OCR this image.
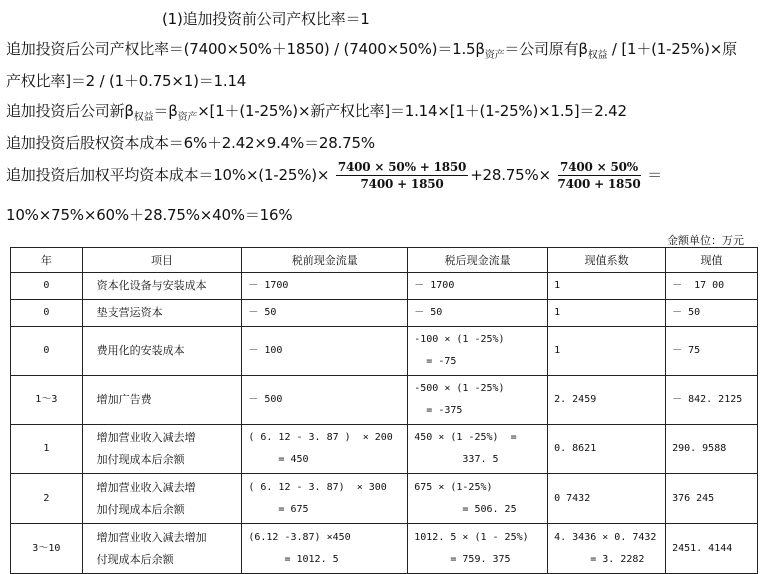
(1)追加投资前公司产权比率＝1
追加投资后公司产权比率$=(7400\times 50\%+1850) / (7400\times 50\%)=1.5\beta_{资产}=$公司原有$\beta_{权益} / [1+(1-25\%)\times$原
产权比率]＝2 / (1＋0.75×1)＝1.14
追加投资后公司新$\beta_{权益}=\beta_{资产}\times[1+(1-25\%)\times$新产权比率]＝1.14×[1＋(1-25%)×1.5]＝2.42
追加投资后股权资本成本＝6%＋2.42×9.4%＝28.75%
追加投资后加权平均资本成本$=10\%\times(1-25\%)\times \frac{7400 \times 50\% + 1850}{7400 + 1850} +28.75\%\times \frac{7400 \times 50\%}{7400 + 1850}$ ＝
10%×75%×60%＋28.75%×40%＝16%
金额单位：万元
年	项目	税前现金流量	税后现金流量	现值系数	现值

0	资本化设备与安装成本	－ 1700	－ 1700	1	－  17 00

0	垫支营运资本	－ 50	－ 50	1	－ 50

0	费用化的安装成本	－ 100	-100 × (1 -25%)
= -75	1	－ 75

1～3	增加广告费	－ 500	-500 × (1 -25%)
= -375	2. 2459	－ 842. 2125

1	增加营业收入减去增
加付现成本后余额	( 6. 12 - 3. 87 )  × 200
= 450	450 × (1 -25%)  =
337. 5	0. 8621	290. 9588

2	增加营业收入减去增
加付现成本后余额	( 6. 12 - 3. 87)  × 300
= 675	675 × (1-25%)
= 506. 25	0 7432	376 245

3～10	增加营业收入减去增加
付现成本后余额	(6.12 -3.87) ×450
= 1012. 5	1012. 5 × (1 - 25%)
= 759. 375	4. 3436 × 0. 7432
= 3. 2282	2451. 4144
